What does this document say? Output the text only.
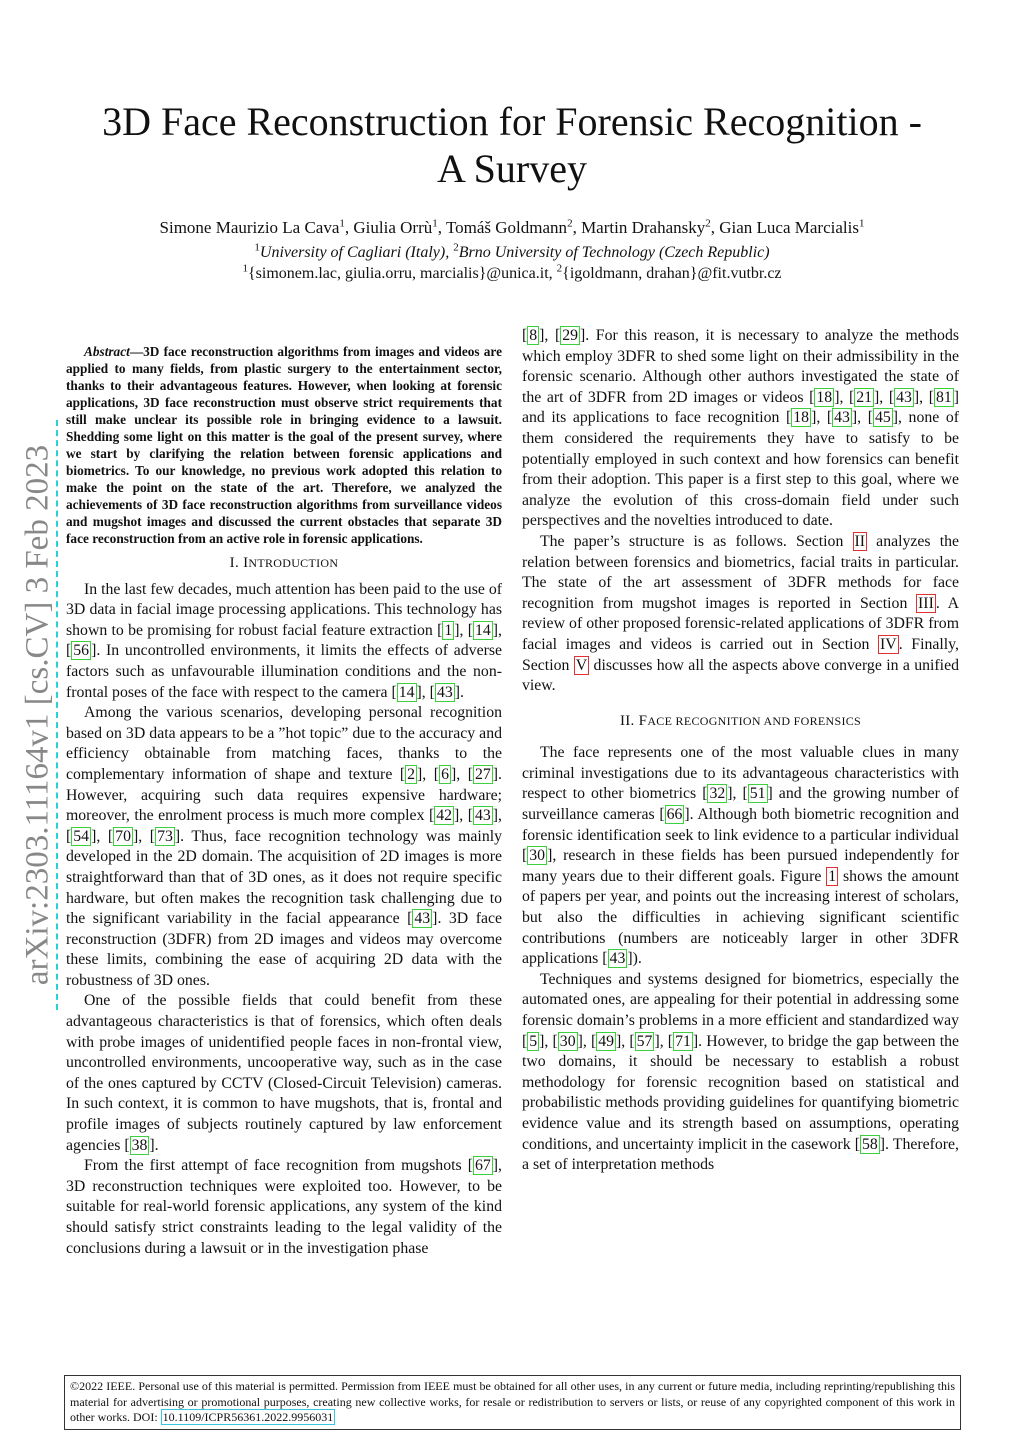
3D Face Reconstruction for Forensic Recognition -
A Survey
Simone Maurizio La Cava$^1$, Giulia Orrù$^1$, Tomáš Goldmann$^2$, Martin Drahansky$^2$, Gian Luca Marcialis$^1$
$^1$University of Cagliari (Italy), $^2$Brno University of Technology (Czech Republic)
$^1${simonem.lac, giulia.orru, marcialis}@unica.it, $^2${igoldmann, drahan}@fit.vutbr.cz
arXiv:2303.11164v1 [cs.CV] 3 Feb 2023

Abstract—3D face reconstruction algorithms from images and videos are applied to many fields, from plastic surgery to the entertainment sector, thanks to their advantageous features. However, when looking at forensic applications, 3D face reconstruction must observe strict requirements that still make unclear its possible role in bringing evidence to a lawsuit. Shedding some light on this matter is the goal of the present survey, where we start by clarifying the relation between forensic applications and biometrics. To our knowledge, no previous work adopted this relation to make the point on the state of the art. Therefore, we analyzed the achievements of 3D face reconstruction algorithms from surveillance videos and mugshot images and discussed the current obstacles that separate 3D face reconstruction from an active role in forensic applications.

I. INTRODUCTION

In the last few decades, much attention has been paid to the use of 3D data in facial image processing applications. This technology has shown to be promising for robust facial feature extraction [ 1 ], [ 14 ], [ 56 ]. In uncontrolled environments, it limits the effects of adverse factors such as unfavourable illumination conditions and the non-frontal poses of the face with respect to the camera [ 14 ], [ 43 ].

Among the various scenarios, developing personal recognition based on 3D data appears to be a ”hot topic” due to the accuracy and efficiency obtainable from matching faces, thanks to the complementary information of shape and texture [ 2 ], [ 6 ], [ 27 ]. However, acquiring such data requires expensive hardware; moreover, the enrolment process is much more complex [ 42 ], [ 43 ], [ 54 ], [ 70 ], [ 73 ]. Thus, face recognition technology was mainly developed in the 2D domain. The acquisition of 2D images is more straightforward than that of 3D ones, as it does not require specific hardware, but often makes the recognition task challenging due to the significant variability in the facial appearance [ 43 ]. 3D face reconstruction (3DFR) from 2D images and videos may overcome these limits, combining the ease of acquiring 2D data with the robustness of 3D ones.

One of the possible fields that could benefit from these advantageous characteristics is that of forensics, which often deals with probe images of unidentified people faces in non-frontal view, uncontrolled environments, uncooperative way, such as in the case of the ones captured by CCTV (Closed-Circuit Television) cameras. In such context, it is common to have mugshots, that is, frontal and profile images of subjects routinely captured by law enforcement agencies [ 38 ].

From the first attempt of face recognition from mugshots [ 67 ], 3D reconstruction techniques were exploited too. However, to be suitable for real-world forensic applications, any system of the kind should satisfy strict constraints leading to the legal validity of the conclusions during a lawsuit or in the investigation phase

[ 8 ], [ 29 ]. For this reason, it is necessary to analyze the methods which employ 3DFR to shed some light on their admissibility in the forensic scenario. Although other authors investigated the state of the art of 3DFR from 2D images or videos [ 18 ], [ 21 ], [ 43 ], [ 81 ] and its applications to face recognition [ 18 ], [ 43 ], [ 45 ], none of them considered the requirements they have to satisfy to be potentially employed in such context and how forensics can benefit from their adoption. This paper is a first step to this goal, where we analyze the evolution of this cross-domain field under such perspectives and the novelties introduced to date.

The paper’s structure is as follows. Section II analyzes the relation between forensics and biometrics, facial traits in particular. The state of the art assessment of 3DFR methods for face recognition from mugshot images is reported in Section III . A review of other proposed forensic-related applications of 3DFR from facial images and videos is carried out in Section IV . Finally, Section V discusses how all the aspects above converge in a unified view.

II. FACE RECOGNITION AND FORENSICS

The face represents one of the most valuable clues in many criminal investigations due to its advantageous characteristics with respect to other biometrics [ 32 ], [ 51 ] and the growing number of surveillance cameras [ 66 ]. Although both biometric recognition and forensic identification seek to link evidence to a particular individual [ 30 ], research in these fields has been pursued independently for many years due to their different goals. Figure 1 shows the amount of papers per year, and points out the increasing interest of scholars, but also the difficulties in achieving significant scientific contributions (numbers are noticeably larger in other 3DFR applications [ 43 ]).

Techniques and systems designed for biometrics, especially the automated ones, are appealing for their potential in addressing some forensic domain’s problems in a more efficient and standardized way [ 5 ], [ 30 ], [ 49 ], [ 57 ], [ 71 ]. However, to bridge the gap between the two domains, it should be necessary to establish a robust methodology for forensic recognition based on statistical and probabilistic methods providing guidelines for quantifying biometric evidence value and its strength based on assumptions, operating conditions, and uncertainty implicit in the casework [ 58 ]. Therefore, a set of interpretation methods

©2022 IEEE. Personal use of this material is permitted. Permission from IEEE must be obtained for all other uses, in any current or future media, including reprinting/republishing this material for advertising or promotional purposes, creating new collective works, for resale or redistribution to servers or lists, or reuse of any copyrighted component of this work in other works. DOI: 10.1109/ICPR56361.2022.9956031
